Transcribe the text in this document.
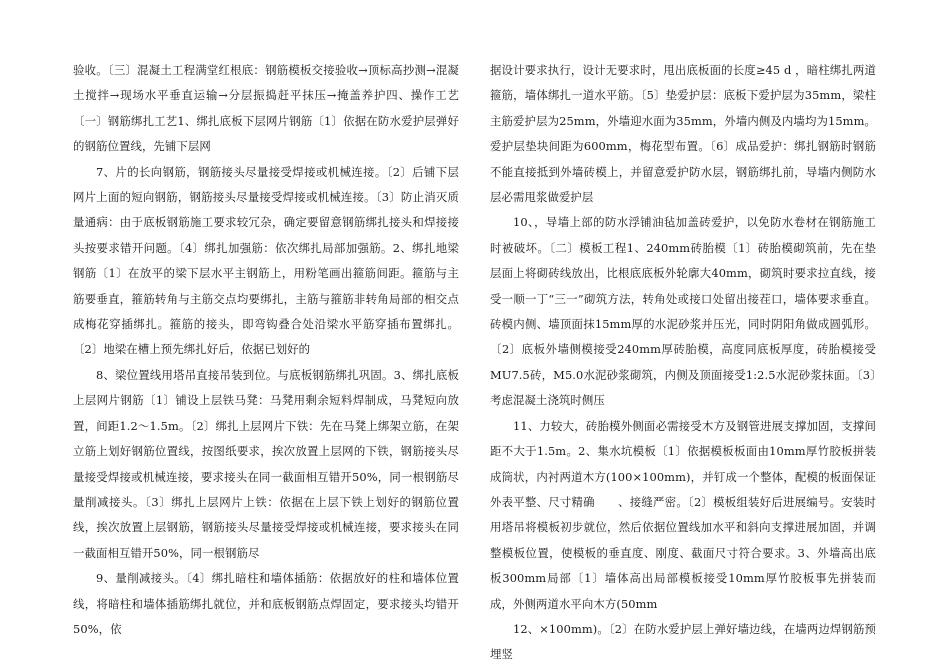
验收。〔三〕混凝土工程满堂红根底：钢筋模板交接验收→顶标高抄测→混凝土搅拌→现场水平垂直运输→分层振捣赶平抹压→掩盖养护四、操作工艺〔一〕钢筋绑扎工艺1、绑扎底板下层网片钢筋〔1〕依据在防水爱护层弹好的钢筋位置线，先铺下层网

7、片的长向钢筋，钢筋接头尽量接受焊接或机械连接。〔2〕后铺下层网片上面的短向钢筋，钢筋接头尽量接受焊接或机械连接。〔3〕防止消灭质量通病：由于底板钢筋施工要求较冗杂，确定要留意钢筋绑扎接头和焊接接头按要求错开问题。〔4〕绑扎加强筋：依次绑扎局部加强筋。2、绑扎地梁钢筋〔1〕在放平的梁下层水平主钢筋上，用粉笔画出箍筋间距。箍筋与主筋要垂直，箍筋转角与主筋交点均要绑扎，主筋与箍筋非转角局部的相交点成梅花穿插绑扎。箍筋的接头，即弯钩叠合处沿梁水平筋穿插布置绑扎。〔2〕地梁在槽上预先绑扎好后，依据已划好的

8、梁位置线用塔吊直接吊装到位。与底板钢筋绑扎巩固。3、绑扎底板上层网片钢筋〔1〕铺设上层铁马凳：马凳用剩余短料焊制成，马凳短向放置，间距1.2～1.5m。〔2〕绑扎上层网片下铁：先在马凳上绑架立筋，在架立筋上划好钢筋位置线，按图纸要求，挨次放置上层网的下铁，钢筋接头尽量接受焊接或机械连接，要求接头在同一截面相互错开50%，同一根钢筋尽量削减接头。〔3〕绑扎上层网片上铁：依据在上层下铁上划好的钢筋位置线，挨次放置上层钢筋，钢筋接头尽量接受焊接或机械连接，要求接头在同一截面相互错开50%，同一根钢筋尽

9、量削减接头。〔4〕绑扎暗柱和墙体插筋：依据放好的柱和墙体位置线，将暗柱和墙体插筋绑扎就位，并和底板钢筋点焊固定，要求接头均错开50%，依

据设计要求执行，设计无要求时，甩出底板面的长度≥45 d ，暗柱绑扎两道箍筋，墙体绑扎一道水平筋。〔5〕垫爱护层：底板下爱护层为35mm，梁柱主筋爱护层为25mm，外墙迎水面为35mm，外墙内侧及内墙均为15mm。爱护层垫块间距为600mm，梅花型布置。〔6〕成品爱护：绑扎钢筋时钢筋不能直接抵到外墙砖模上，并留意爱护防水层，钢筋绑扎前，导墙内侧防水层必需甩浆做爱护层

10、，导墙上部的防水浮铺油毡加盖砖爱护，以免防水卷材在钢筋施工时被破坏。〔二〕模板工程1、240mm砖胎模〔1〕砖胎模砌筑前，先在垫层面上将砌砖线放出，比根底底板外轮廓大40mm，砌筑时要求拉直线，接受一顺一丁“三一”砌筑方法，转角处或接口处留出接茬口，墙体要求垂直。砖模内侧、墙顶面抹15mm厚的水泥砂浆并压光，同时阴阳角做成圆弧形。〔2〕底板外墙侧模接受240mm厚砖胎模，高度同底板厚度，砖胎模接受MU7.5砖，M5.0水泥砂浆砌筑，内侧及顶面接受1:2.5水泥砂浆抹面。〔3〕考虑混凝土浇筑时侧压

11、力较大，砖胎模外侧面必需接受木方及钢管进展支撑加固，支撑间距不大于1.5m。2、集水坑模板〔1〕依据模板板面由10mm厚竹胶板拼装成筒状，内衬两道木方(100×100mm)，并钉成一个整体，配模的板面保证外表平整、尺寸精确　　、接缝严密。〔2〕模板组装好后进展编号。安装时用塔吊将模板初步就位，然后依据位置线加水平和斜向支撑进展加固，并调整模板位置，使模板的垂直度、刚度、截面尺寸符合要求。3、外墙高出底板300mm局部〔1〕墙体高出局部模板接受10mm厚竹胶板事先拼装而成，外侧两道水平向木方(50mm

12、×100mm)。〔2〕在防水爱护层上弹好墙边线，在墙两边焊钢筋预埋竖
